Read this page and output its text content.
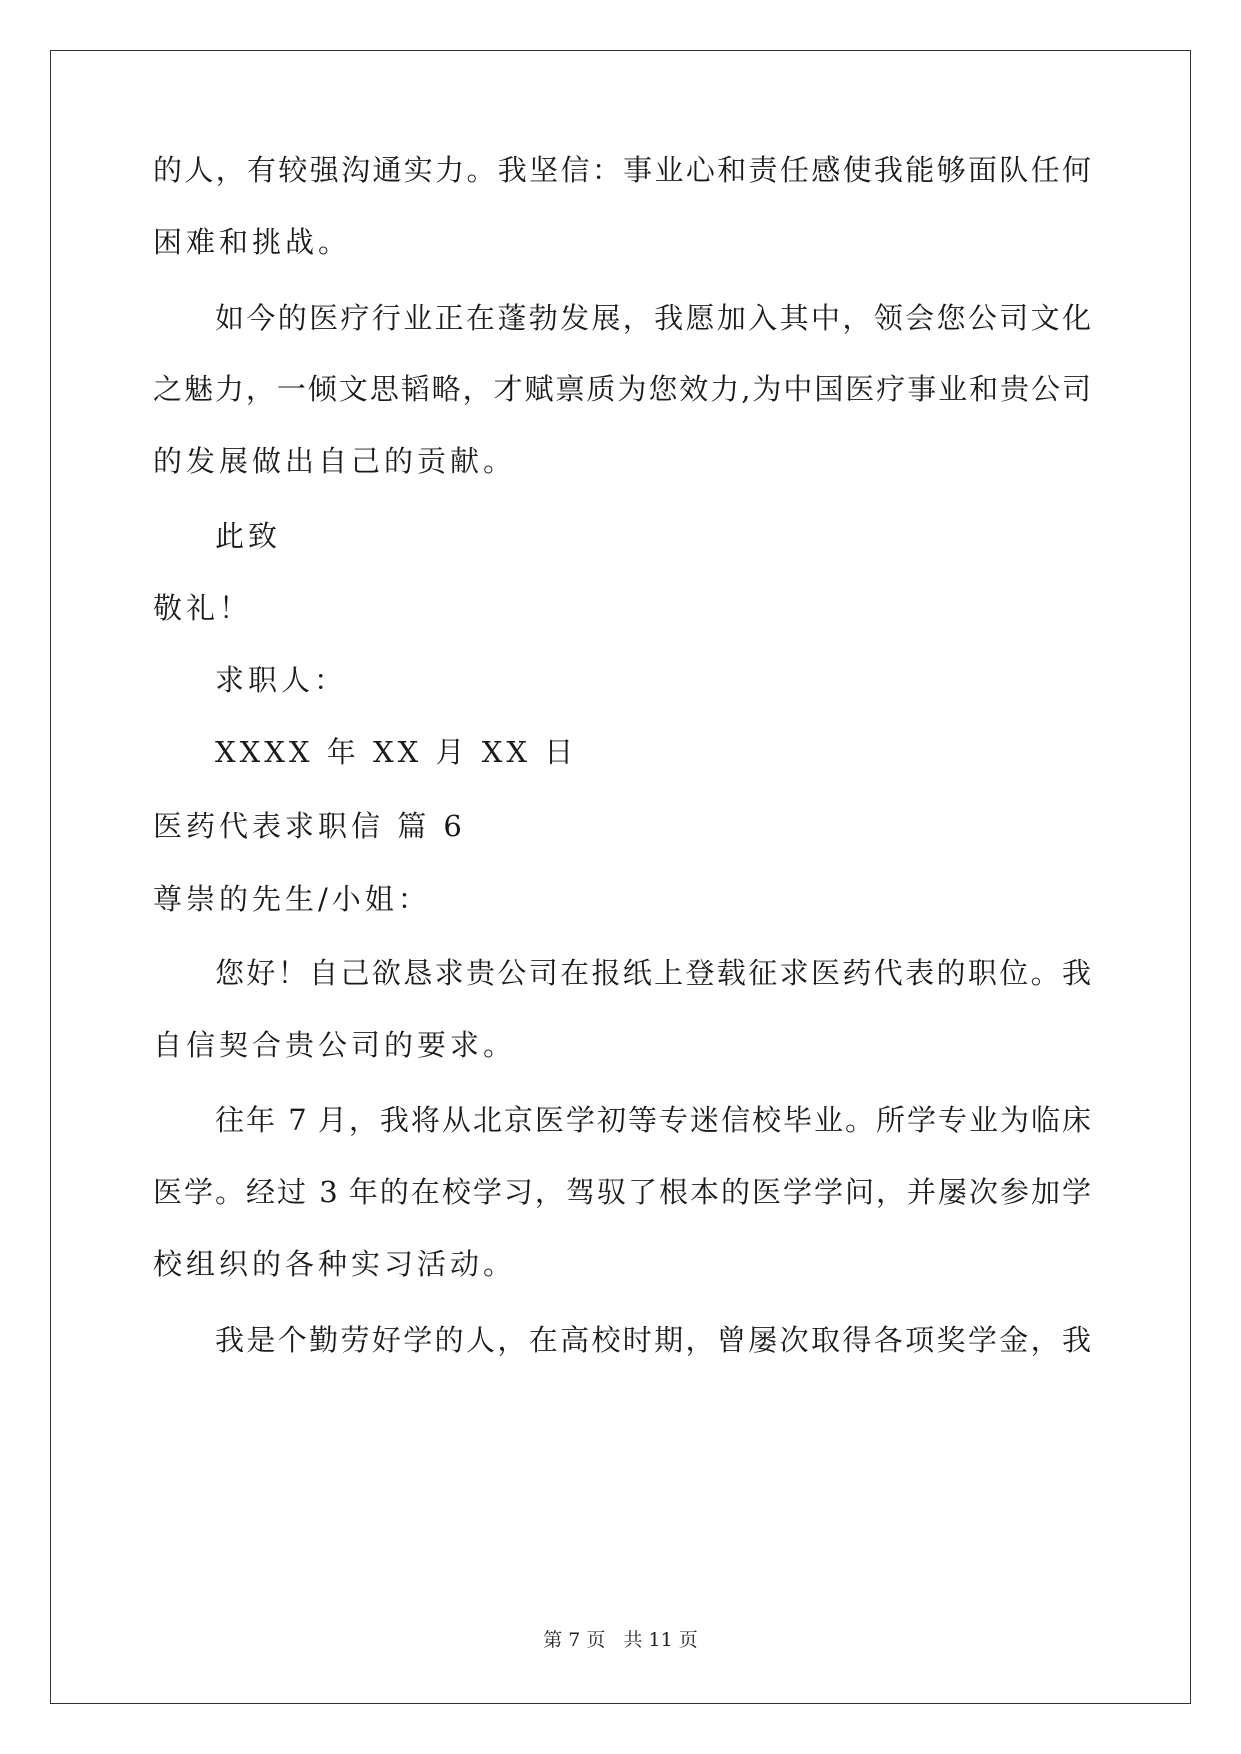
的人，有较强沟通实力。我坚信：事业心和责任感使我能够面队任何
困难和挑战。
如今的医疗行业正在蓬勃发展，我愿加入其中，领会您公司文化
之魅力，一倾文思韬略，才赋禀质为您效力,为中国医疗事业和贵公司
的发展做出自己的贡献。
此致
敬礼！
求职人：
XXXX 年 XX 月 XX 日
医药代表求职信 篇 6
尊崇的先生/小姐：
您好！自己欲恳求贵公司在报纸上登载征求医药代表的职位。我
自信契合贵公司的要求。
往年 7 月，我将从北京医学初等专迷信校毕业。所学专业为临床
医学。经过 3 年的在校学习，驾驭了根本的医学学问，并屡次参加学
校组织的各种实习活动。
我是个勤劳好学的人，在高校时期，曾屡次取得各项奖学金，我
第 7 页 共 11 页
